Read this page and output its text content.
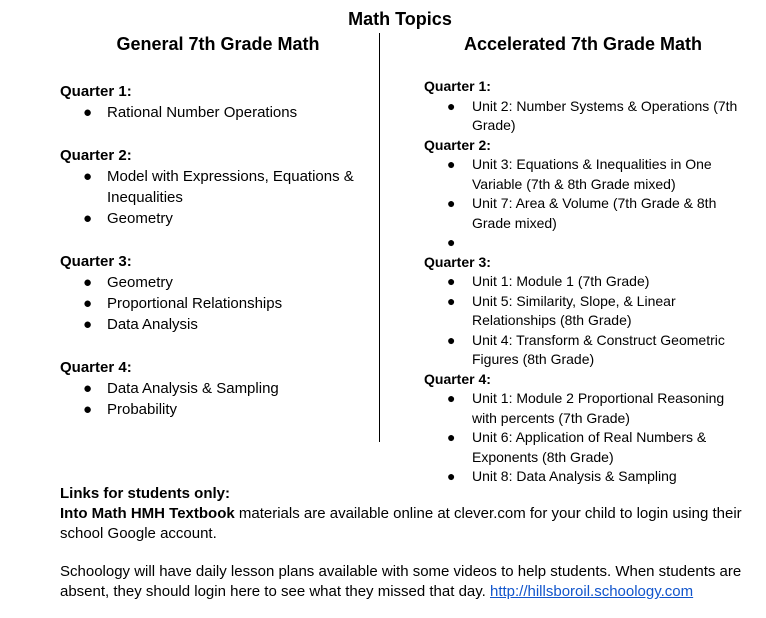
Math Topics
General 7th Grade Math	Accelerated 7th Grade Math
Quarter 1:
● Rational Number Operations
Quarter 2:
● Model with Expressions, Equations & Inequalities
● Geometry
Quarter 3:
● Geometry
● Proportional Relationships
● Data Analysis
Quarter 4:
● Data Analysis & Sampling
● Probability
Quarter 1:
● Unit 2: Number Systems & Operations (7th Grade)
Quarter 2:
● Unit 3: Equations & Inequalities in One Variable (7th & 8th Grade mixed)
● Unit 7: Area & Volume (7th Grade & 8th Grade mixed)
●
Quarter 3:
● Unit 1: Module 1 (7th Grade)
● Unit 5: Similarity, Slope, & Linear Relationships (8th Grade)
● Unit 4: Transform & Construct Geometric Figures (8th Grade)
Quarter 4:
● Unit 1: Module 2 Proportional Reasoning with percents (7th Grade)
● Unit 6: Application of Real Numbers & Exponents (8th Grade)
● Unit 8: Data Analysis & Sampling

Links for students only:

Into Math HMH Textbook materials are available online at clever.com for your child to login using their school Google account.

Schoology will have daily lesson plans available with some videos to help students. When students are absent, they should login here to see what they missed that day. http://hillsboroil.schoology.com
